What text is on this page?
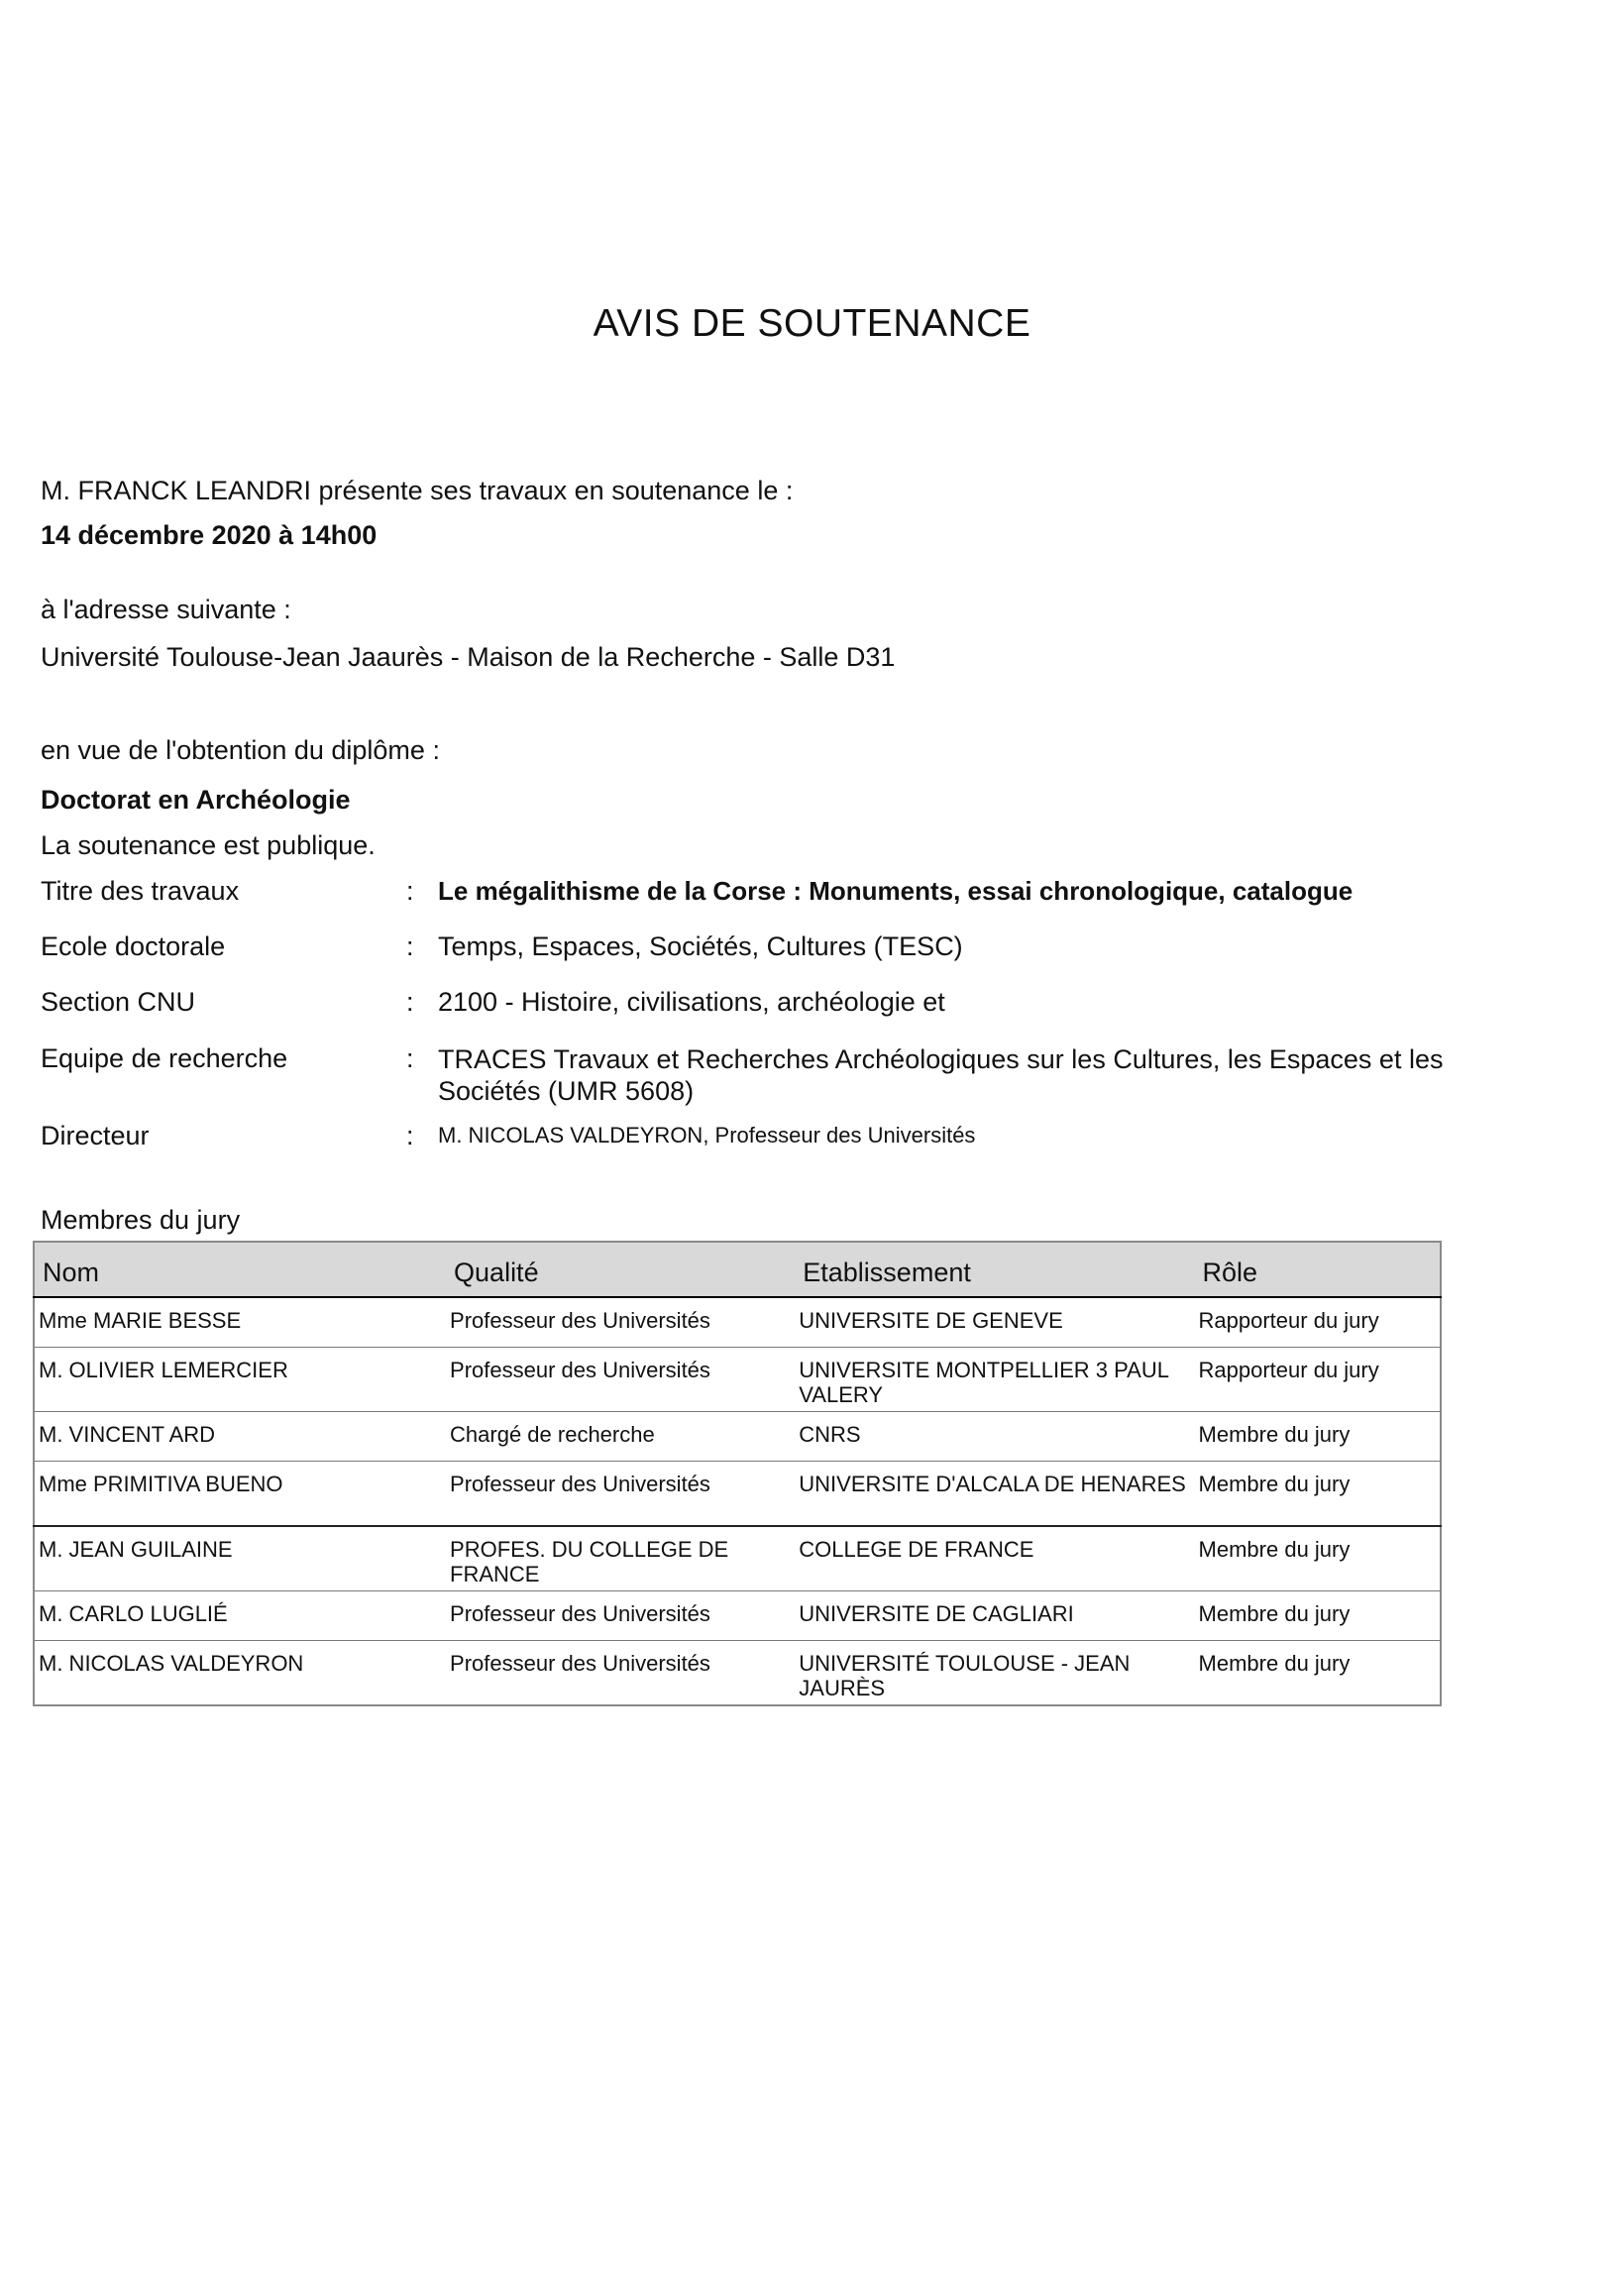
AVIS DE SOUTENANCE
M. FRANCK LEANDRI présente ses travaux en soutenance le :
14 décembre 2020 à 14h00
à l'adresse suivante :
Université Toulouse-Jean Jaaurès - Maison de la Recherche - Salle D31
en vue de l'obtention du diplôme :
Doctorat en Archéologie
La soutenance est publique.
Titre des travaux	: Le mégalithisme de la Corse : Monuments, essai chronologique, catalogue
Ecole doctorale	: Temps, Espaces, Sociétés, Cultures (TESC)
Section CNU	: 2100 - Histoire, civilisations, archéologie et
Equipe de recherche	: TRACES Travaux et Recherches Archéologiques sur les Cultures, les Espaces et les Sociétés (UMR 5608)
Directeur	: M. NICOLAS VALDEYRON, Professeur des Universités
Membres du jury
Nom	Qualité	Etablissement	Rôle
Mme MARIE BESSE	Professeur des Universités	UNIVERSITE DE GENEVE	Rapporteur du jury
M. OLIVIER LEMERCIER	Professeur des Universités	UNIVERSITE MONTPELLIER 3 PAUL VALERY	Rapporteur du jury
M. VINCENT ARD	Chargé de recherche	CNRS	Membre du jury
Mme PRIMITIVA BUENO	Professeur des Universités	UNIVERSITE D'ALCALA DE HENARES	Membre du jury
M. JEAN GUILAINE	PROFES. DU COLLEGE DE FRANCE	COLLEGE DE FRANCE	Membre du jury
M. CARLO LUGLIÉ	Professeur des Universités	UNIVERSITE DE CAGLIARI	Membre du jury
M. NICOLAS VALDEYRON	Professeur des Universités	UNIVERSITÉ TOULOUSE - JEAN JAURÈS	Membre du jury
